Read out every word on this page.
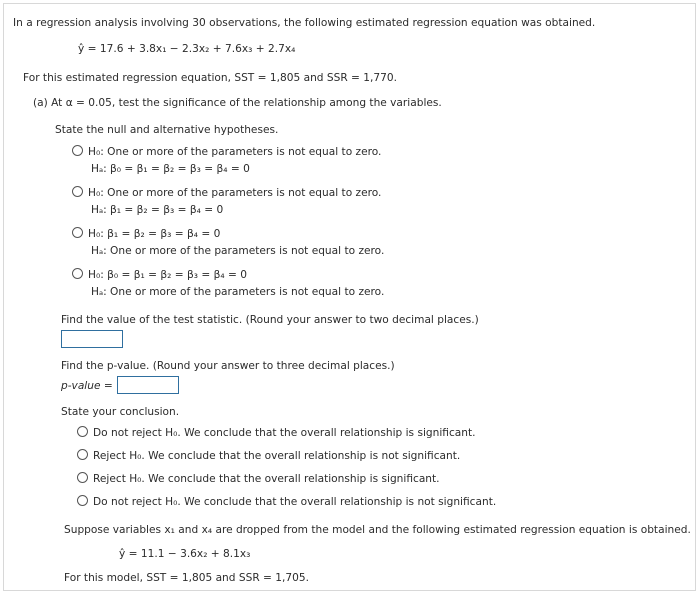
In a regression analysis involving 30 observations, the following estimated regression equation was obtained.
ŷ = 17.6 + 3.8x₁ − 2.3x₂ + 7.6x₃ + 2.7x₄
For this estimated regression equation, SST = 1,805 and SSR = 1,770.
(a) At α = 0.05, test the significance of the relationship among the variables.
State the null and alternative hypotheses.
H₀: One or more of the parameters is not equal to zero.
Hₐ: β₀ = β₁ = β₂ = β₃ = β₄ = 0
H₀: One or more of the parameters is not equal to zero.
Hₐ: β₁ = β₂ = β₃ = β₄ = 0
H₀: β₁ = β₂ = β₃ = β₄ = 0
Hₐ: One or more of the parameters is not equal to zero.
H₀: β₀ = β₁ = β₂ = β₃ = β₄ = 0
Hₐ: One or more of the parameters is not equal to zero.
Find the value of the test statistic. (Round your answer to two decimal places.)
Find the p-value. (Round your answer to three decimal places.)
p-value =
State your conclusion.
Do not reject H₀. We conclude that the overall relationship is significant.
Reject H₀. We conclude that the overall relationship is not significant.
Reject H₀. We conclude that the overall relationship is significant.
Do not reject H₀. We conclude that the overall relationship is not significant.
Suppose variables x₁ and x₄ are dropped from the model and the following estimated regression equation is obtained.
ŷ = 11.1 − 3.6x₂ + 8.1x₃
For this model, SST = 1,805 and SSR = 1,705.
